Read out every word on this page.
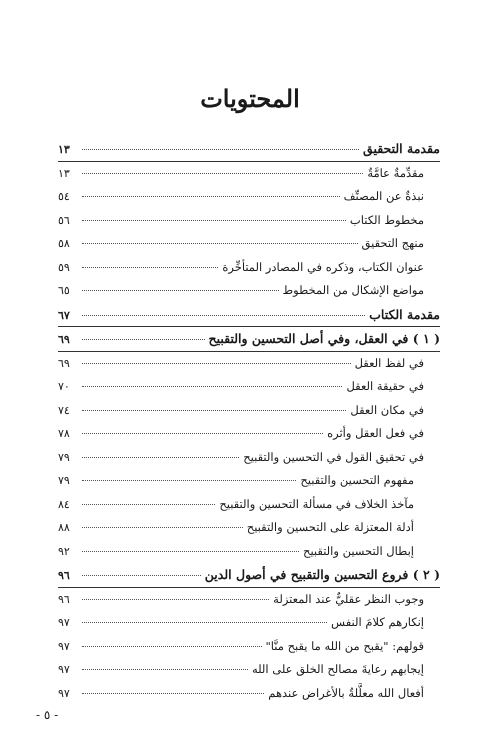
المحتويات
مقدمة التحقيق
١٣
مقدِّمةٌ عامَّةٌ
١٣
نبذةٌ عن المصنِّف
٥٤
مخطوط الكتاب
٥٦
منهج التحقيق
٥٨
عنوان الكتاب، وذكره في المصادر المتأخِّرة
٥٩
مواضع الإشكال من المخطوط
٦٥
مقدمة الكتاب
٦٧
( ١ ) في العقل، وفي أصل التحسين والتقبيح
٦٩
في لفظ العقل
٦٩
في حقيقة العقل
٧٠
في مكان العقل
٧٤
في فعل العقل وأثره
٧٨
في تحقيق القول في التحسين والتقبيح
٧٩
مفهوم التحسين والتقبيح
٧٩
مآخذ الخلاف في مسألة التحسين والتقبيح
٨٤
أدلة المعتزلة على التحسين والتقبيح
٨٨
إبطال التحسين والتقبيح
٩٢
( ٢ ) فروع التحسين والتقبيح في أصول الدين
٩٦
وجوب النظر عقليٌّ عند المعتزلة
٩٦
إنكارهم كلامَ النفس
٩٧
قولهم: "يقبح من الله ما يقبح منَّا"
٩٧
إيجابهم رعايةَ مصالح الخلق على الله
٩٧
أفعال الله معلَّلةٌ بالأغراض عندهم
٩٧
- ٥ -
